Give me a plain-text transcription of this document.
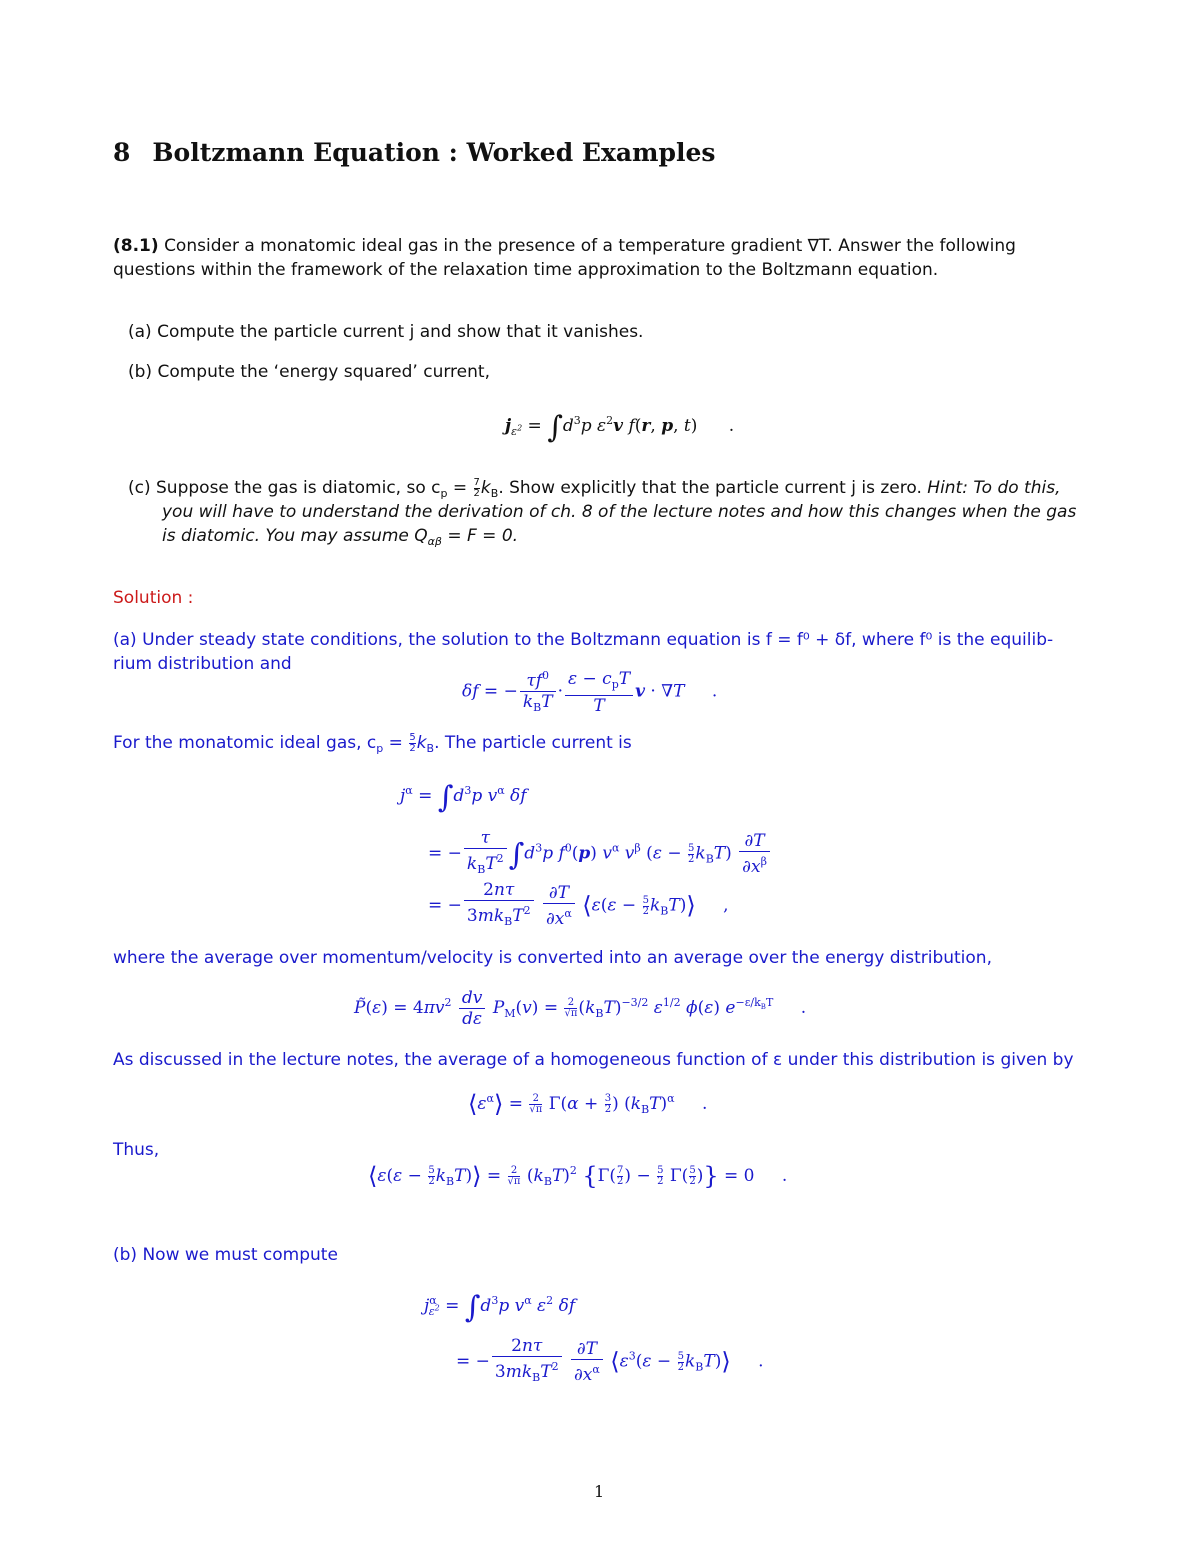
8 Boltzmann Equation : Worked Examples
(8.1) Consider a monatomic ideal gas in the presence of a temperature gradient ∇T. Answer the following
questions within the framework of the relaxation time approximation to the Boltzmann equation.
(a) Compute the particle current j and show that it vanishes.
(b) Compute the ‘energy squared’ current,
$j_{\varepsilon^2} = \int d^3p$ $\varepsilon^2v$ f(r, p, t) .
(c) Suppose the gas is diatomic, so $c_p = \frac{7}{2} k_B$. Show explicitly that the particle current j is zero. Hint: To do this,
you will have to understand the derivation of ch. 8 of the lecture notes and how this changes when the gas
is diatomic. You may assume $Q_{\alpha\beta} = F = 0$.
Solution :
(a) Under steady state conditions, the solution to the Boltzmann equation is f = f⁰ + δf, where f⁰ is the equilib-
rium distribution and
δf = − $\frac{\tau f^0}{k_BT} \cdot \frac{\varepsilon - c_pT}{T}$ v · ∇T .
For the monatomic ideal gas, $c_p = \frac{5}{2} k_B$. The particle current is
$j^\alpha = \int d^3p$ $v^\alpha$ δf
= − $\frac{\tau}{k_BT^2} \int d^3p$ $f^0(p)$ $v^\alpha$ $v^\beta$ $(\varepsilon - \frac{5}{2} k_BT) \frac{\partial T}{\partial x^\beta}$
= − $\frac{2n\tau}{3mk_BT^2}$
$\frac{\partial T}{\partial x^\alpha}$ ⟨ε(ε − $\frac{5}{2}$ $k_BT)⟩$ ,
where the average over momentum/velocity is converted into an average over the energy distribution,
P̃(ε) = $4\pi v^2 \frac{dv}{d\varepsilon} P_M(v) = \frac{2}{√\pi} (k_BT)^{-3/2}$ $\varepsilon^{1/2}$ ϕ(ε) $e^{-\varepsilon/k_BT}$ .
As discussed in the lecture notes, the average of a homogeneous function of ε under this distribution is given by
$⟨\varepsilon^\alpha⟩ = \frac{2}{√\pi} \Gamma(\alpha + \frac{3}{2}$ ) $(k_BT)^\alpha$ .
Thus,
⟨ε(ε − $\frac{5}{2}$ $k_BT)⟩ = \frac{2}{√\pi} (k_BT)^2$ {$\Gamma( \frac{7}{2}$ ) − $\frac{5}{2} \Gamma( \frac{5}{2}$ )} = 0 .
(b) Now we must compute
$j^\alpha_{\varepsilon^2} = \int d^3p$ $v^\alpha$ $\varepsilon^2$ δf
= − $\frac{2n\tau}{3mk_BT^2}$
$\frac{\partial T}{\partial x^\alpha}$ $⟨\varepsilon^3(\varepsilon - \frac{5}{2}$ $k_BT)⟩$ .
1
